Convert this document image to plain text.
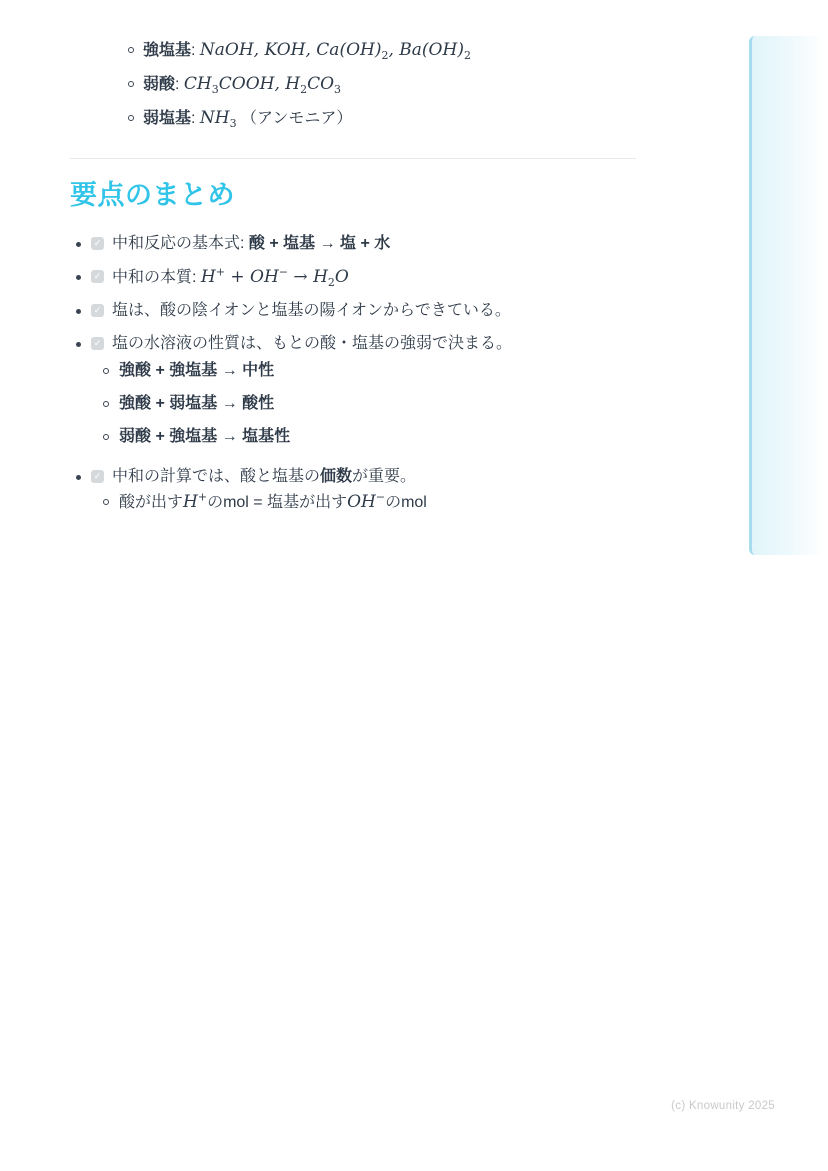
強塩基: NaOH, KOH, $Ca(OH)_2$, $Ba(OH)_2$
弱酸: $CH_3COOH$, $H_2CO_3$
弱塩基: $NH_3$ （アンモニア）
要点のまとめ
✓ 中和反応の基本式: 酸 + 塩基 → 塩 + 水
✓ 中和の本質: $H^+ + OH^- \to H_2O$
✓ 塩は、酸の陰イオンと塩基の陽イオンからできている。
✓ 塩の水溶液の性質は、もとの酸・塩基の強弱で決まる。
強酸 + 強塩基 → 中性
強酸 + 弱塩基 → 酸性
弱酸 + 強塩基 → 塩基性
✓ 中和の計算では、酸と塩基の価数が重要。
酸が出すH+のmol = 塩基が出すOH−のmol
(c) Knowunity 2025
